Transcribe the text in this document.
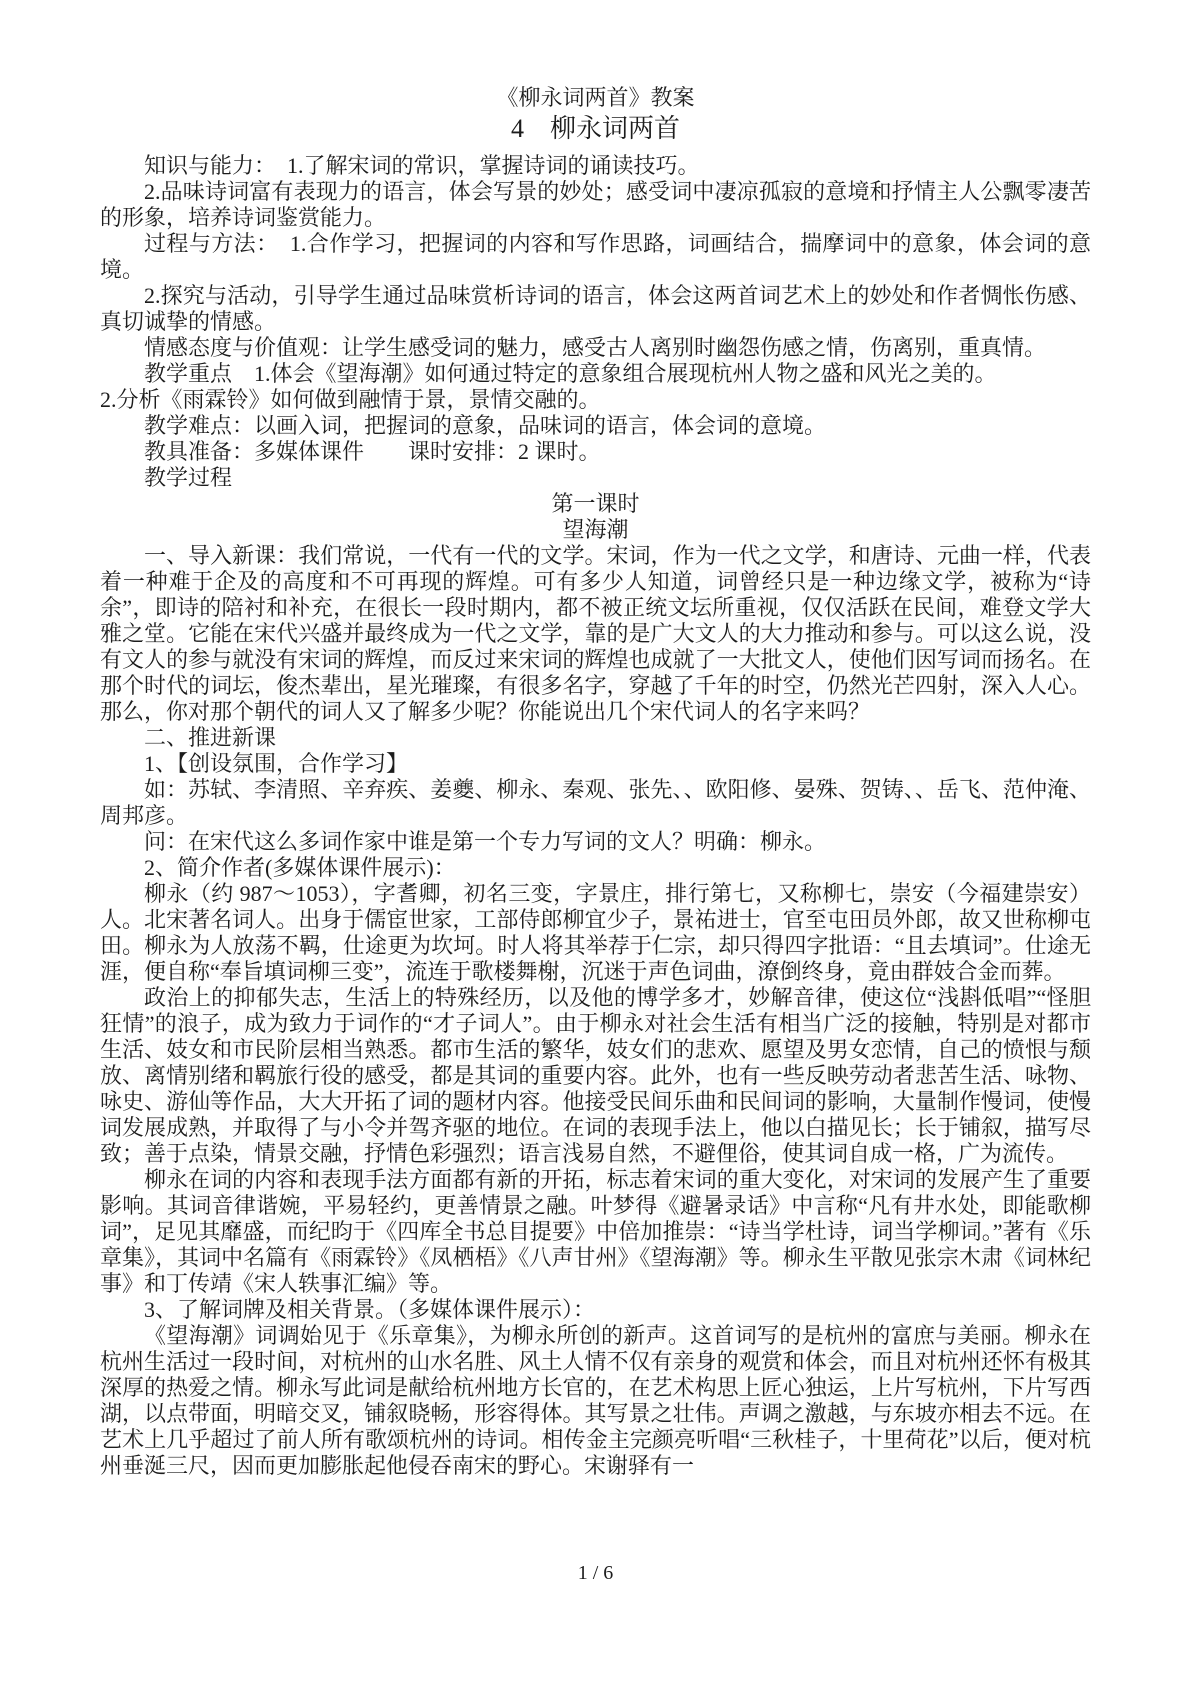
《柳永词两首》教案
4　柳永词两首

知识与能力：　1.了解宋词的常识，掌握诗词的诵读技巧。

2.品味诗词富有表现力的语言，体会写景的妙处；感受词中凄凉孤寂的意境和抒情主人公飘零凄苦的形象，培养诗词鉴赏能力。

过程与方法：　1.合作学习，把握词的内容和写作思路，词画结合，揣摩词中的意象，体会词的意境。

2.探究与活动，引导学生通过品味赏析诗词的语言，体会这两首词艺术上的妙处和作者惆怅伤感、真切诚挚的情感。

情感态度与价值观：让学生感受词的魅力，感受古人离别时幽怨伤感之情，伤离别，重真情。

教学重点　1.体会《望海潮》如何通过特定的意象组合展现杭州人物之盛和风光之美的。

2.分析《雨霖铃》如何做到融情于景，景情交融的。

教学难点：以画入词，把握词的意象，品味词的语言，体会词的意境。

教具准备：多媒体课件　　课时安排：2 课时。

教学过程

第一课时

望海潮

一、导入新课：我们常说，一代有一代的文学。宋词，作为一代之文学，和唐诗、元曲一样，代表着一种难于企及的高度和不可再现的辉煌。可有多少人知道，词曾经只是一种边缘文学，被称为“诗余”，即诗的陪衬和补充，在很长一段时期内，都不被正统文坛所重视，仅仅活跃在民间，难登文学大雅之堂。它能在宋代兴盛并最终成为一代之文学，靠的是广大文人的大力推动和参与。可以这么说，没有文人的参与就没有宋词的辉煌，而反过来宋词的辉煌也成就了一大批文人，使他们因写词而扬名。在那个时代的词坛，俊杰辈出，星光璀璨，有很多名字，穿越了千年的时空，仍然光芒四射，深入人心。那么，你对那个朝代的词人又了解多少呢？你能说出几个宋代词人的名字来吗？

二、推进新课

1、【创设氛围，合作学习】

如：苏轼、李清照、辛弃疾、姜夔、柳永、秦观、张先、、欧阳修、晏殊、贺铸、、岳飞、范仲淹、周邦彦。

问：在宋代这么多词作家中谁是第一个专力写词的文人？明确：柳永。

2、简介作者(多媒体课件展示)：

柳永（约 987～1053），字耆卿，初名三变，字景庄，排行第七，又称柳七，崇安（今福建崇安）人。北宋著名词人。出身于儒宦世家，工部侍郎柳宜少子，景祐进士，官至屯田员外郎，故又世称柳屯田。柳永为人放荡不羁，仕途更为坎坷。时人将其举荐于仁宗，却只得四字批语：“且去填词”。仕途无涯，便自称“奉旨填词柳三变”，流连于歌楼舞榭，沉迷于声色词曲，潦倒终身，竟由群妓合金而葬。

政治上的抑郁失志，生活上的特殊经历，以及他的博学多才，妙解音律，使这位“浅斟低唱”“怪胆狂情”的浪子，成为致力于词作的“才子词人”。由于柳永对社会生活有相当广泛的接触，特别是对都市生活、妓女和市民阶层相当熟悉。都市生活的繁华，妓女们的悲欢、愿望及男女恋情，自己的愤恨与颓放、离情别绪和羁旅行役的感受，都是其词的重要内容。此外，也有一些反映劳动者悲苦生活、咏物、咏史、游仙等作品，大大开拓了词的题材内容。他接受民间乐曲和民间词的影响，大量制作慢词，使慢词发展成熟，并取得了与小令并驾齐驱的地位。在词的表现手法上，他以白描见长；长于铺叙，描写尽致；善于点染，情景交融，抒情色彩强烈；语言浅易自然，不避俚俗，使其词自成一格，广为流传。

柳永在词的内容和表现手法方面都有新的开拓，标志着宋词的重大变化，对宋词的发展产生了重要影响。其词音律谐婉，平易轻约，更善情景之融。叶梦得《避暑录话》中言称“凡有井水处，即能歌柳词”，足见其靡盛，而纪昀于《四库全书总目提要》中倍加推崇：“诗当学杜诗，词当学柳词。”著有《乐章集》，其词中名篇有《雨霖铃》《凤栖梧》《八声甘州》《望海潮》等。柳永生平散见张宗木肃《词林纪事》和丁传靖《宋人轶事汇编》等。

3、了解词牌及相关背景。（多媒体课件展示）：

《望海潮》词调始见于《乐章集》，为柳永所创的新声。这首词写的是杭州的富庶与美丽。柳永在杭州生活过一段时间，对杭州的山水名胜、风土人情不仅有亲身的观赏和体会，而且对杭州还怀有极其深厚的热爱之情。柳永写此词是献给杭州地方长官的，在艺术构思上匠心独运，上片写杭州，下片写西湖，以点带面，明暗交叉，铺叙晓畅，形容得体。其写景之壮伟。声调之激越，与东坡亦相去不远。在艺术上几乎超过了前人所有歌颂杭州的诗词。相传金主完颜亮听唱“三秋桂子，十里荷花”以后，便对杭州垂涎三尺，因而更加膨胀起他侵吞南宋的野心。宋谢驿有一

1 / 6
